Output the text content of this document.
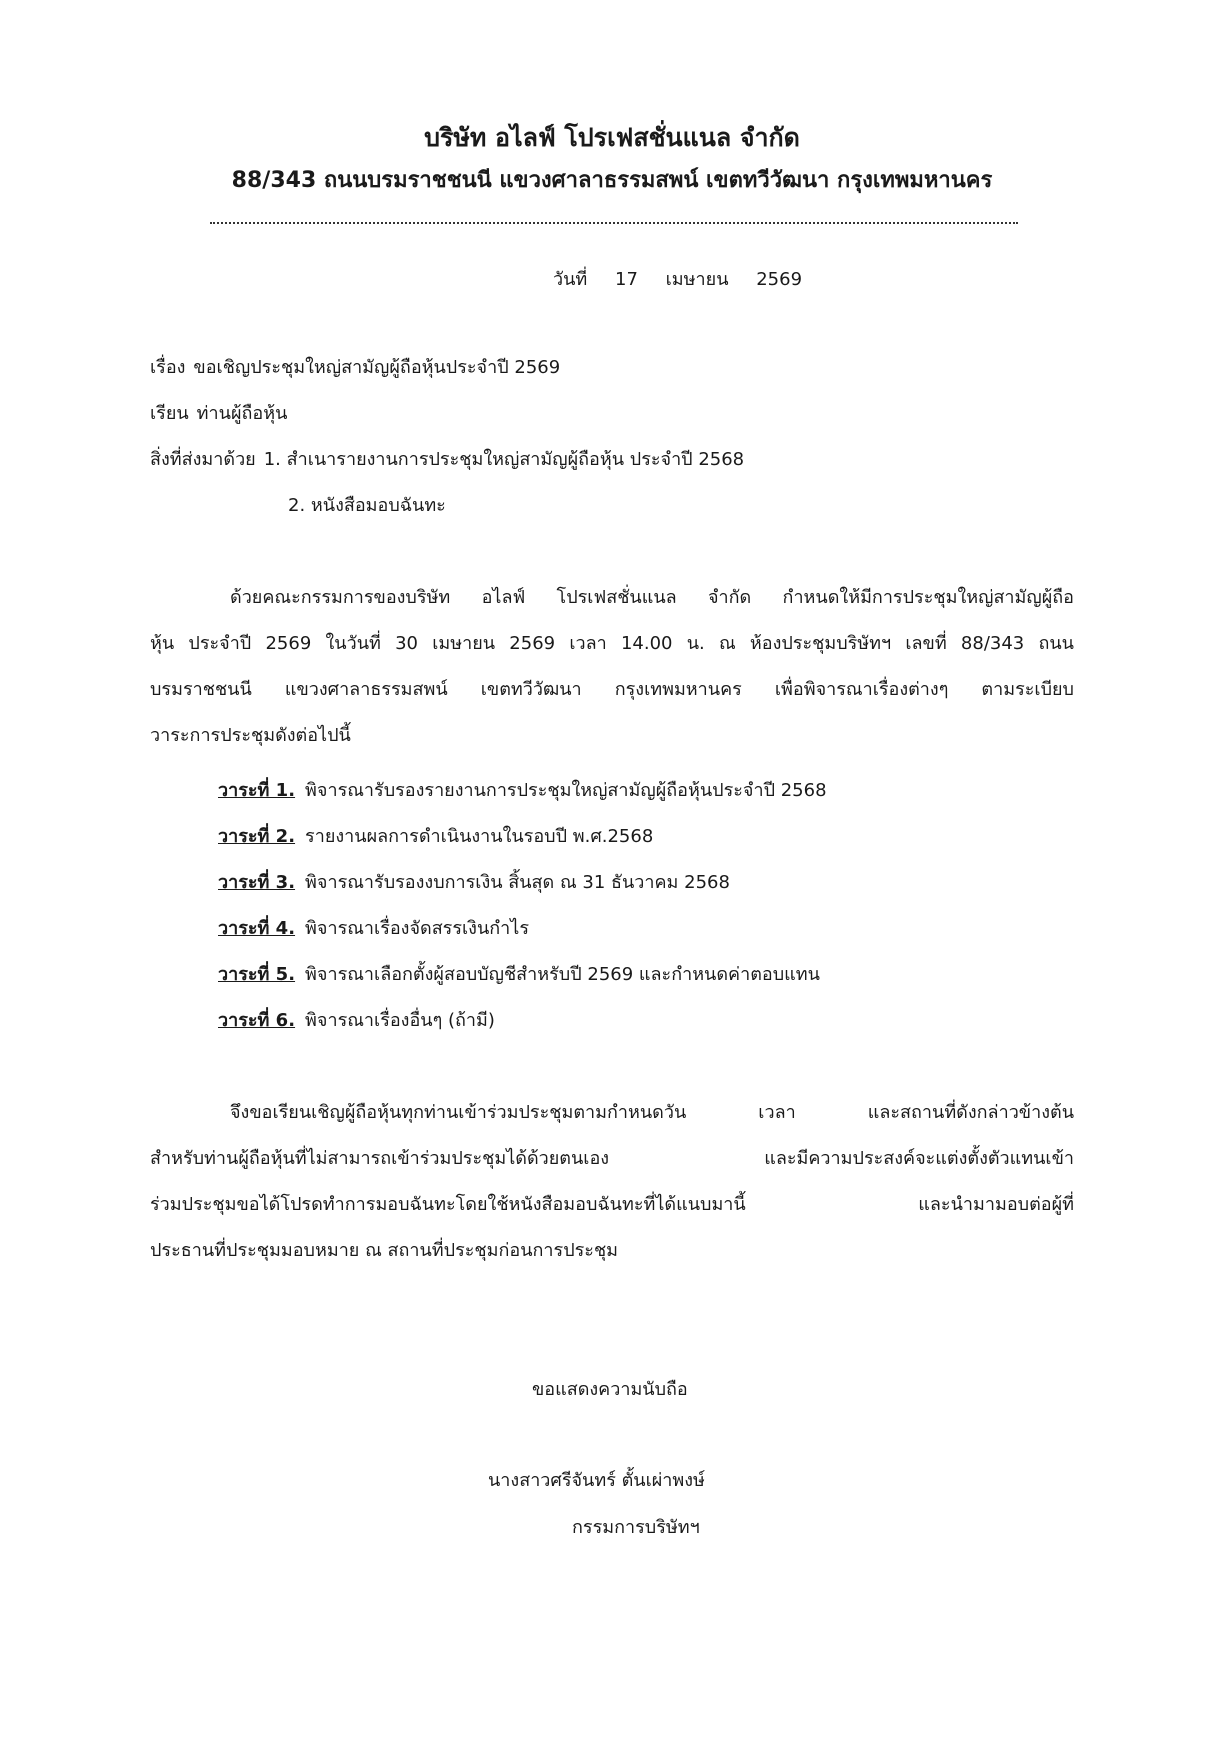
บริษัท อไลฟ์ โปรเฟสชั่นแนล จำกัด
88/343 ถนนบรมราชชนนี แขวงศาลาธรรมสพน์ เขตทวีวัฒนา กรุงเทพมหานคร
วันที่ 17 เมษายน 2569
เรื่อง ขอเชิญประชุมใหญ่สามัญผู้ถือหุ้นประจำปี 2569
เรียน ท่านผู้ถือหุ้น
สิ่งที่ส่งมาด้วย 1. สำเนารายงานการประชุมใหญ่สามัญผู้ถือหุ้น ประจำปี 2568
2. หนังสือมอบฉันทะ
ด้วยคณะกรรมการของบริษัท อไลฟ์ โปรเฟสชั่นแนล จำกัด กำหนดให้มีการประชุมใหญ่สามัญผู้ถือ
หุ้น ประจำปี 2569 ในวันที่ 30 เมษายน 2569 เวลา 14.00 น. ณ ห้องประชุมบริษัทฯ เลขที่ 88/343 ถนน
บรมราชชนนี แขวงศาลาธรรมสพน์ เขตทวีวัฒนา กรุงเทพมหานคร เพื่อพิจารณาเรื่องต่างๆ ตามระเบียบ
วาระการประชุมดังต่อไปนี้
วาระที่ 1. พิจารณารับรองรายงานการประชุมใหญ่สามัญผู้ถือหุ้นประจำปี 2568
วาระที่ 2. รายงานผลการดำเนินงานในรอบปี พ.ศ.2568
วาระที่ 3. พิจารณารับรองงบการเงิน สิ้นสุด ณ 31 ธันวาคม 2568
วาระที่ 4. พิจารณาเรื่องจัดสรรเงินกำไร
วาระที่ 5. พิจารณาเลือกตั้งผู้สอบบัญชีสำหรับปี 2569 และกำหนดค่าตอบแทน
วาระที่ 6. พิจารณาเรื่องอื่นๆ (ถ้ามี)
จึงขอเรียนเชิญผู้ถือหุ้นทุกท่านเข้าร่วมประชุมตามกำหนดวัน เวลา และสถานที่ดังกล่าวข้างต้น
สำหรับท่านผู้ถือหุ้นที่ไม่สามารถเข้าร่วมประชุมได้ด้วยตนเอง และมีความประสงค์จะแต่งตั้งตัวแทนเข้า
ร่วมประชุมขอได้โปรดทำการมอบฉันทะโดยใช้หนังสือมอบฉันทะที่ได้แนบมานี้ และนำมามอบต่อผู้ที่
ประธานที่ประชุมมอบหมาย ณ สถานที่ประชุมก่อนการประชุม
ขอแสดงความนับถือ
นางสาวศรีจันทร์ ตั้นเผ่าพงษ์
กรรมการบริษัทฯ
